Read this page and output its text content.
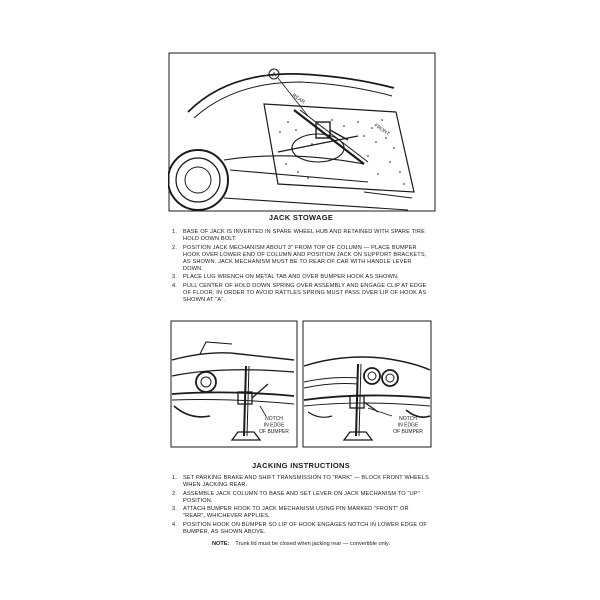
A
FRONT
REAR
JACK STOWAGE
1. BASE OF JACK IS INVERTED IN SPARE WHEEL HUB AND RETAINED WITH SPARE TIRE HOLD DOWN BOLT.
2. POSITION JACK MECHANISM ABOUT 3" FROM TOP OF COLUMN — PLACE BUMPER HOOK OVER LOWER END OF COLUMN AND POSITION JACK ON SUPPORT BRACKETS, AS SHOWN. JACK MECHANISM MUST BE TO REAR OF CAR WITH HANDLE LEVER DOWN.
3. PLACE LUG WRENCH ON METAL TAB AND OVER BUMPER HOOK AS SHOWN.
4. PULL CENTER OF HOLD DOWN SPRING OVER ASSEMBLY AND ENGAGE CLIP AT EDGE OF FLOOR, IN ORDER TO AVOID RATTLES SPRING MUST PASS OVER LIP OF HOOK AS SHOWN AT "A".
NOTCH
IN EDGE
OF BUMPER
NOTCH
IN EDGE
OF BUMPER
JACKING INSTRUCTIONS
1. SET PARKING BRAKE AND SHIFT TRANSMISSION TO "PARK" — BLOCK FRONT WHEELS WHEN JACKING REAR.
2. ASSEMBLE JACK COLUMN TO BASE AND SET LEVER ON JACK MECHANISM TO "UP" POSITION.
3. ATTACH BUMPER HOOK TO JACK MECHANISM USING PIN MARKED "FRONT" OR "REAR", WHICHEVER APPLIES.
4. POSITION HOOK ON BUMPER SO LIP OF HOOK ENGAGES NOTCH IN LOWER EDGE OF BUMPER, AS SHOWN ABOVE.
NOTE: Trunk lid must be closed when jacking rear — convertible only.
